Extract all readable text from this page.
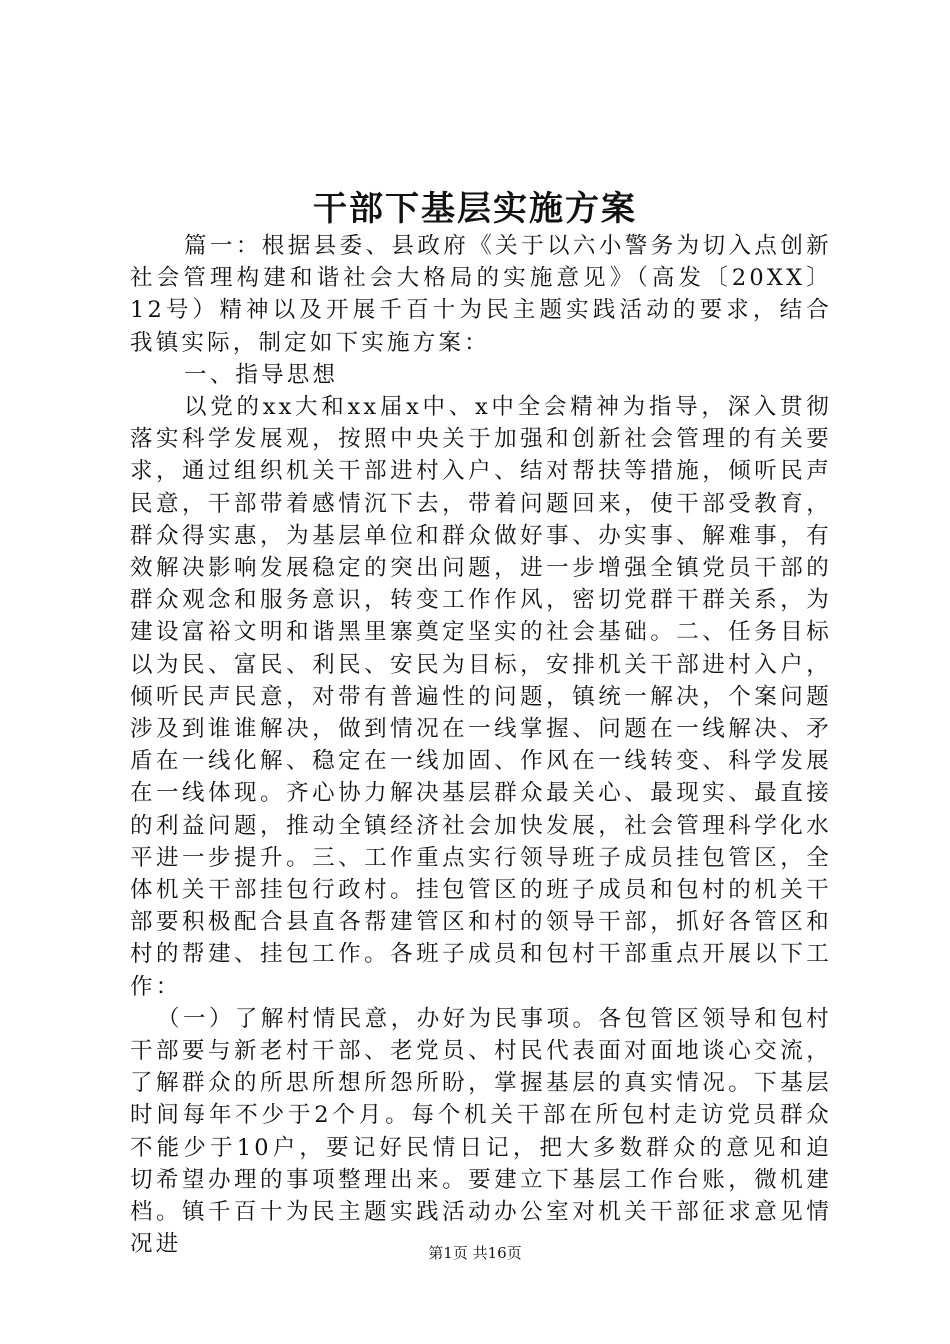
干部下基层实施方案

篇一：根据县委、县政府《关于以六小警务为切入点创新社会管理构建和谐社会大格局的实施意见》（高发〔20XX〕12号）精神以及开展千百十为民主题实践活动的要求，结合我镇实际，制定如下实施方案：

一、指导思想

以党的xx大和xx届x中、x中全会精神为指导，深入贯彻落实科学发展观，按照中央关于加强和创新社会管理的有关要求，通过组织机关干部进村入户、结对帮扶等措施，倾听民声民意，干部带着感情沉下去，带着问题回来，使干部受教育，群众得实惠，为基层单位和群众做好事、办实事、解难事，有效解决影响发展稳定的突出问题，进一步增强全镇党员干部的群众观念和服务意识，转变工作作风，密切党群干群关系，为建设富裕文明和谐黑里寨奠定坚实的社会基础。二、任务目标以为民、富民、利民、安民为目标，安排机关干部进村入户，倾听民声民意，对带有普遍性的问题，镇统一解决，个案问题涉及到谁谁解决，做到情况在一线掌握、问题在一线解决、矛盾在一线化解、稳定在一线加固、作风在一线转变、科学发展在一线体现。齐心协力解决基层群众最关心、最现实、最直接的利益问题，推动全镇经济社会加快发展，社会管理科学化水平进一步提升。三、工作重点实行领导班子成员挂包管区，全体机关干部挂包行政村。挂包管区的班子成员和包村的机关干部要积极配合县直各帮建管区和村的领导干部，抓好各管区和村的帮建、挂包工作。各班子成员和包村干部重点开展以下工作：

（一）了解村情民意，办好为民事项。各包管区领导和包村干部要与新老村干部、老党员、村民代表面对面地谈心交流，了解群众的所思所想所怨所盼，掌握基层的真实情况。下基层时间每年不少于2个月。每个机关干部在所包村走访党员群众不能少于10户，要记好民情日记，把大多数群众的意见和迫切希望办理的事项整理出来。要建立下基层工作台账，微机建档。镇千百十为民主题实践活动办公室对机关干部征求意见情况进	第1页 共16页
